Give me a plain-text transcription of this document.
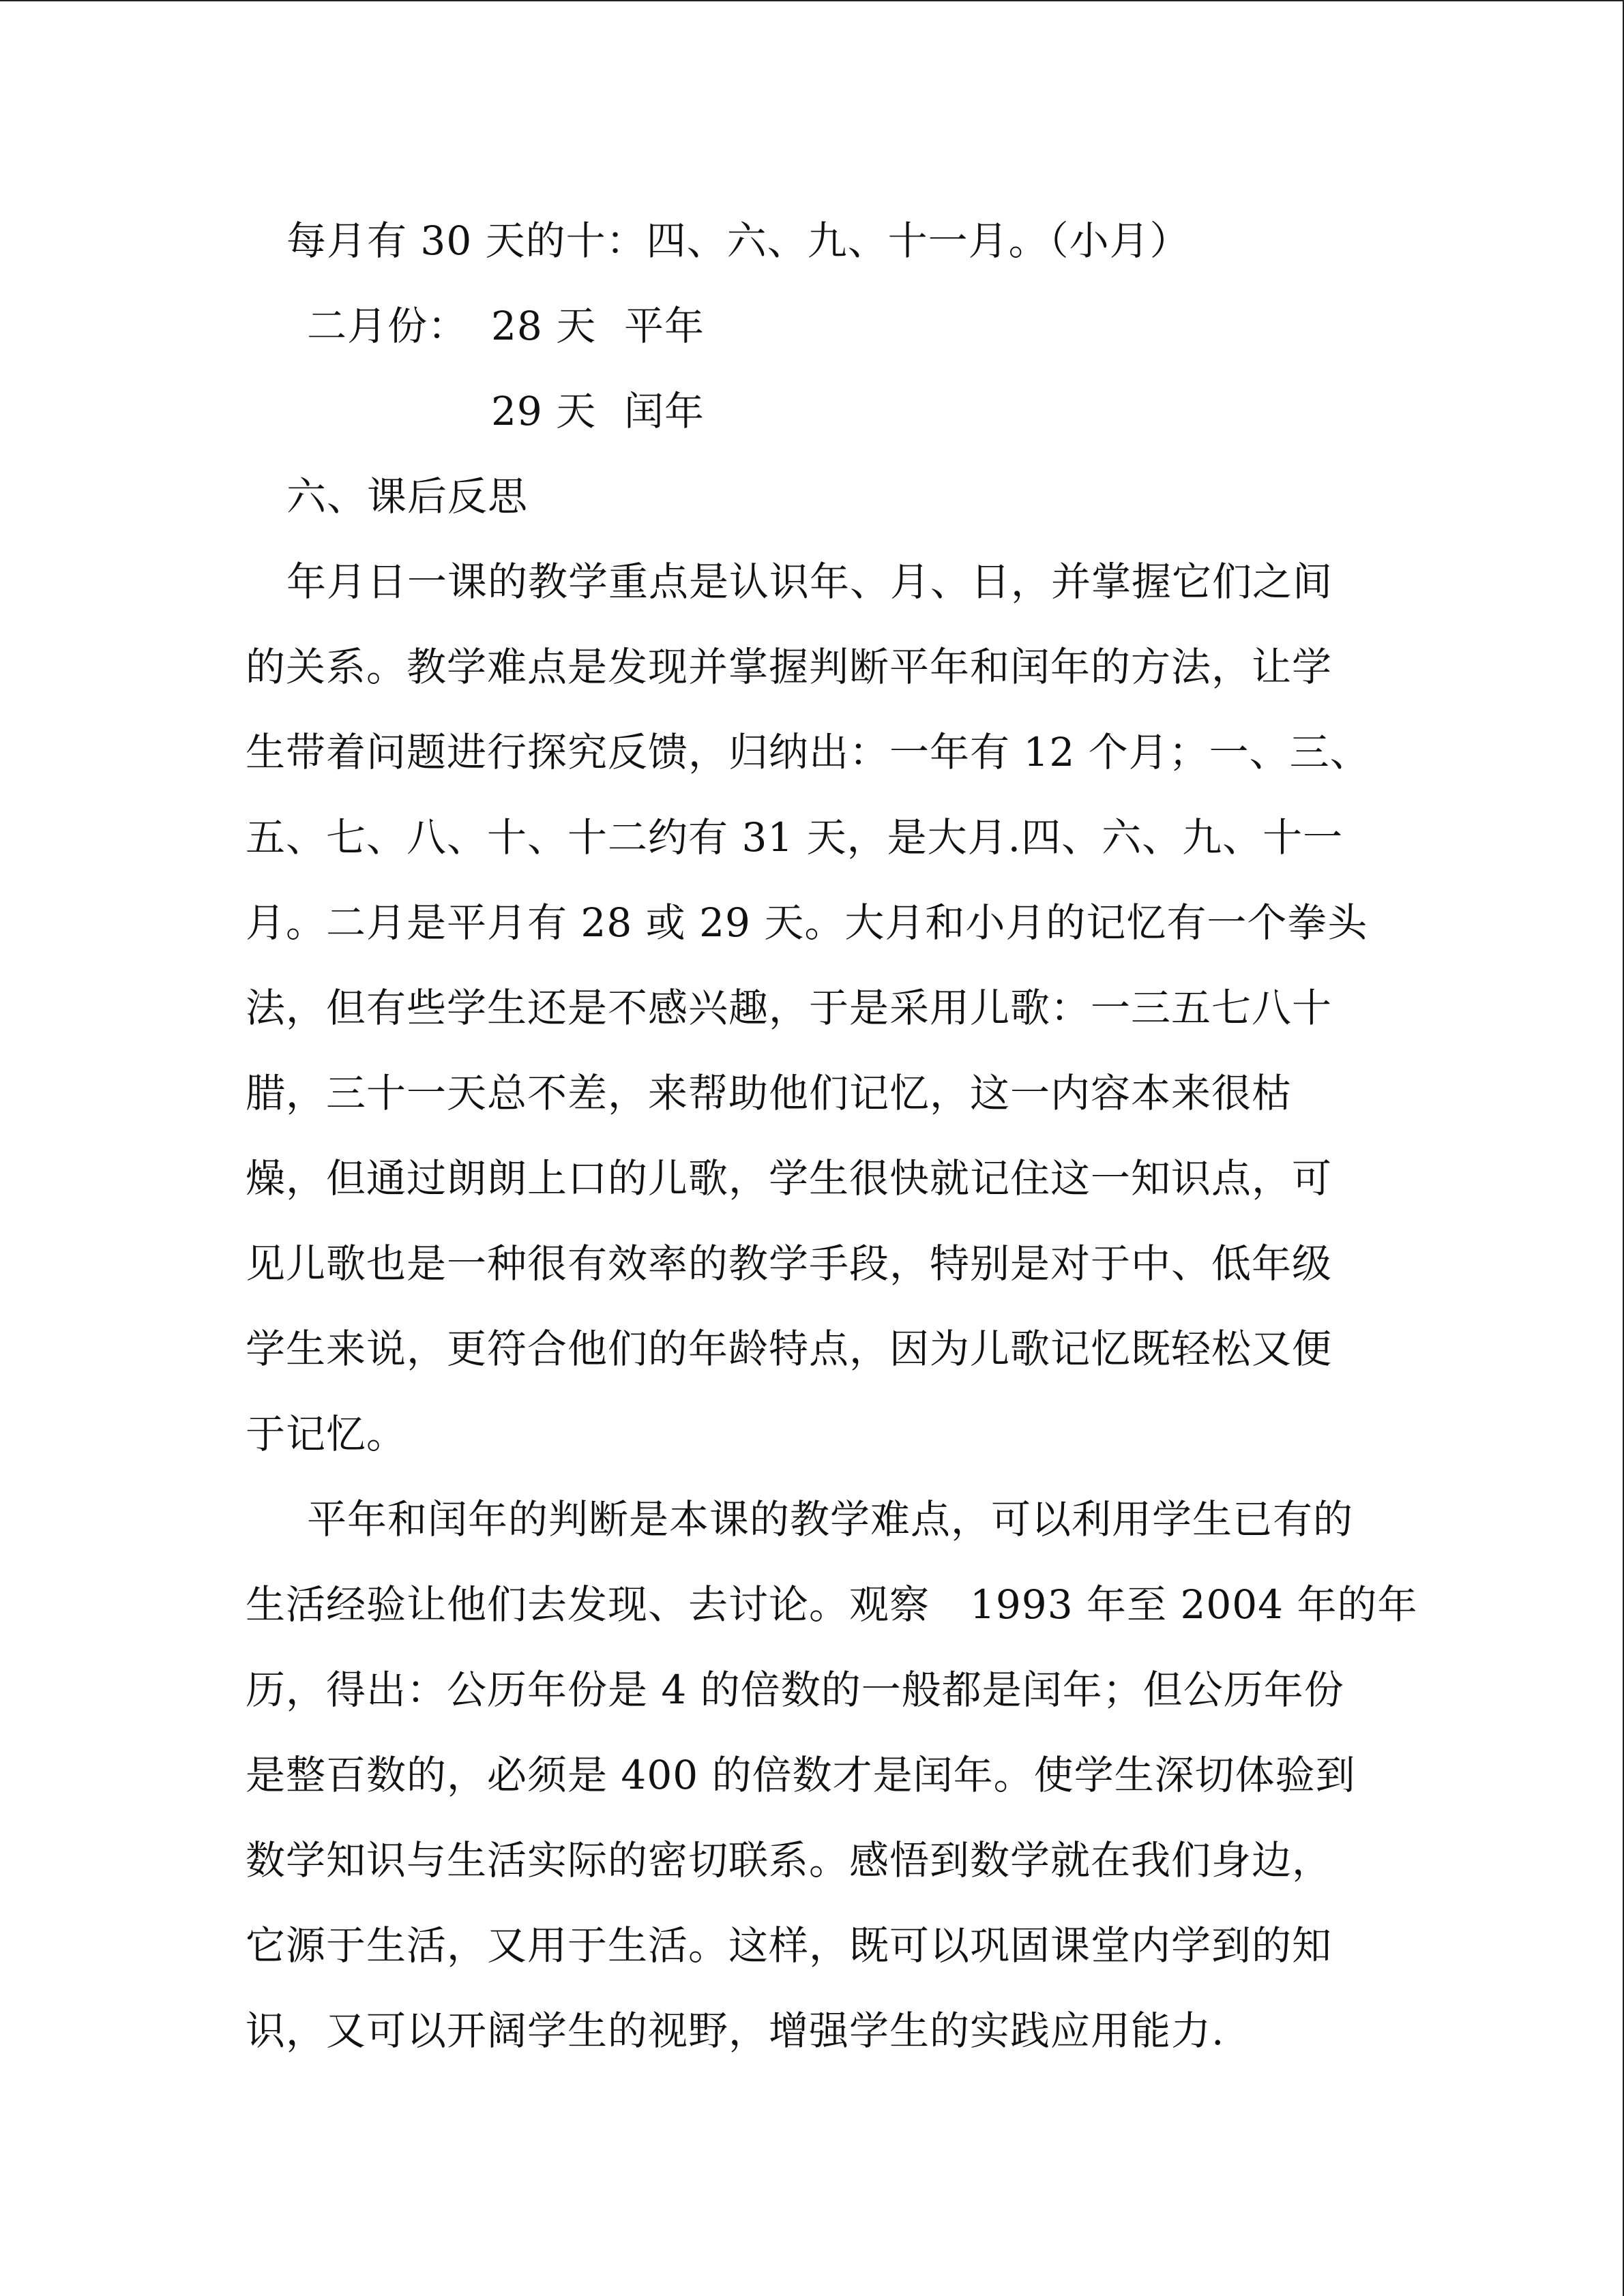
每月有 30 天的十：四、六、九、十一月。（小月）
二月份： 28 天 平年
29 天 闰年
六、课后反思
年月日一课的教学重点是认识年、月、日，并掌握它们之间
的关系。教学难点是发现并掌握判断平年和闰年的方法，让学
生带着问题进行探究反馈，归纳出：一年有 12 个月；一、三、
五、七、八、十、十二约有 31 天，是大月.四、六、九、十一
月。二月是平月有 28 或 29 天。大月和小月的记忆有一个拳头
法，但有些学生还是不感兴趣，于是采用儿歌：一三五七八十
腊，三十一天总不差，来帮助他们记忆，这一内容本来很枯
燥，但通过朗朗上口的儿歌，学生很快就记住这一知识点，可
见儿歌也是一种很有效率的教学手段，特别是对于中、低年级
学生来说，更符合他们的年龄特点，因为儿歌记忆既轻松又便
于记忆。
平年和闰年的判断是本课的教学难点，可以利用学生已有的
生活经验让他们去发现、去讨论。观察　1993 年至 2004 年的年
历，得出：公历年份是 4 的倍数的一般都是闰年；但公历年份
是整百数的，必须是 400 的倍数才是闰年。使学生深切体验到
数学知识与生活实际的密切联系。感悟到数学就在我们身边，
它源于生活，又用于生活。这样，既可以巩固课堂内学到的知
识，又可以开阔学生的视野，增强学生的实践应用能力.
